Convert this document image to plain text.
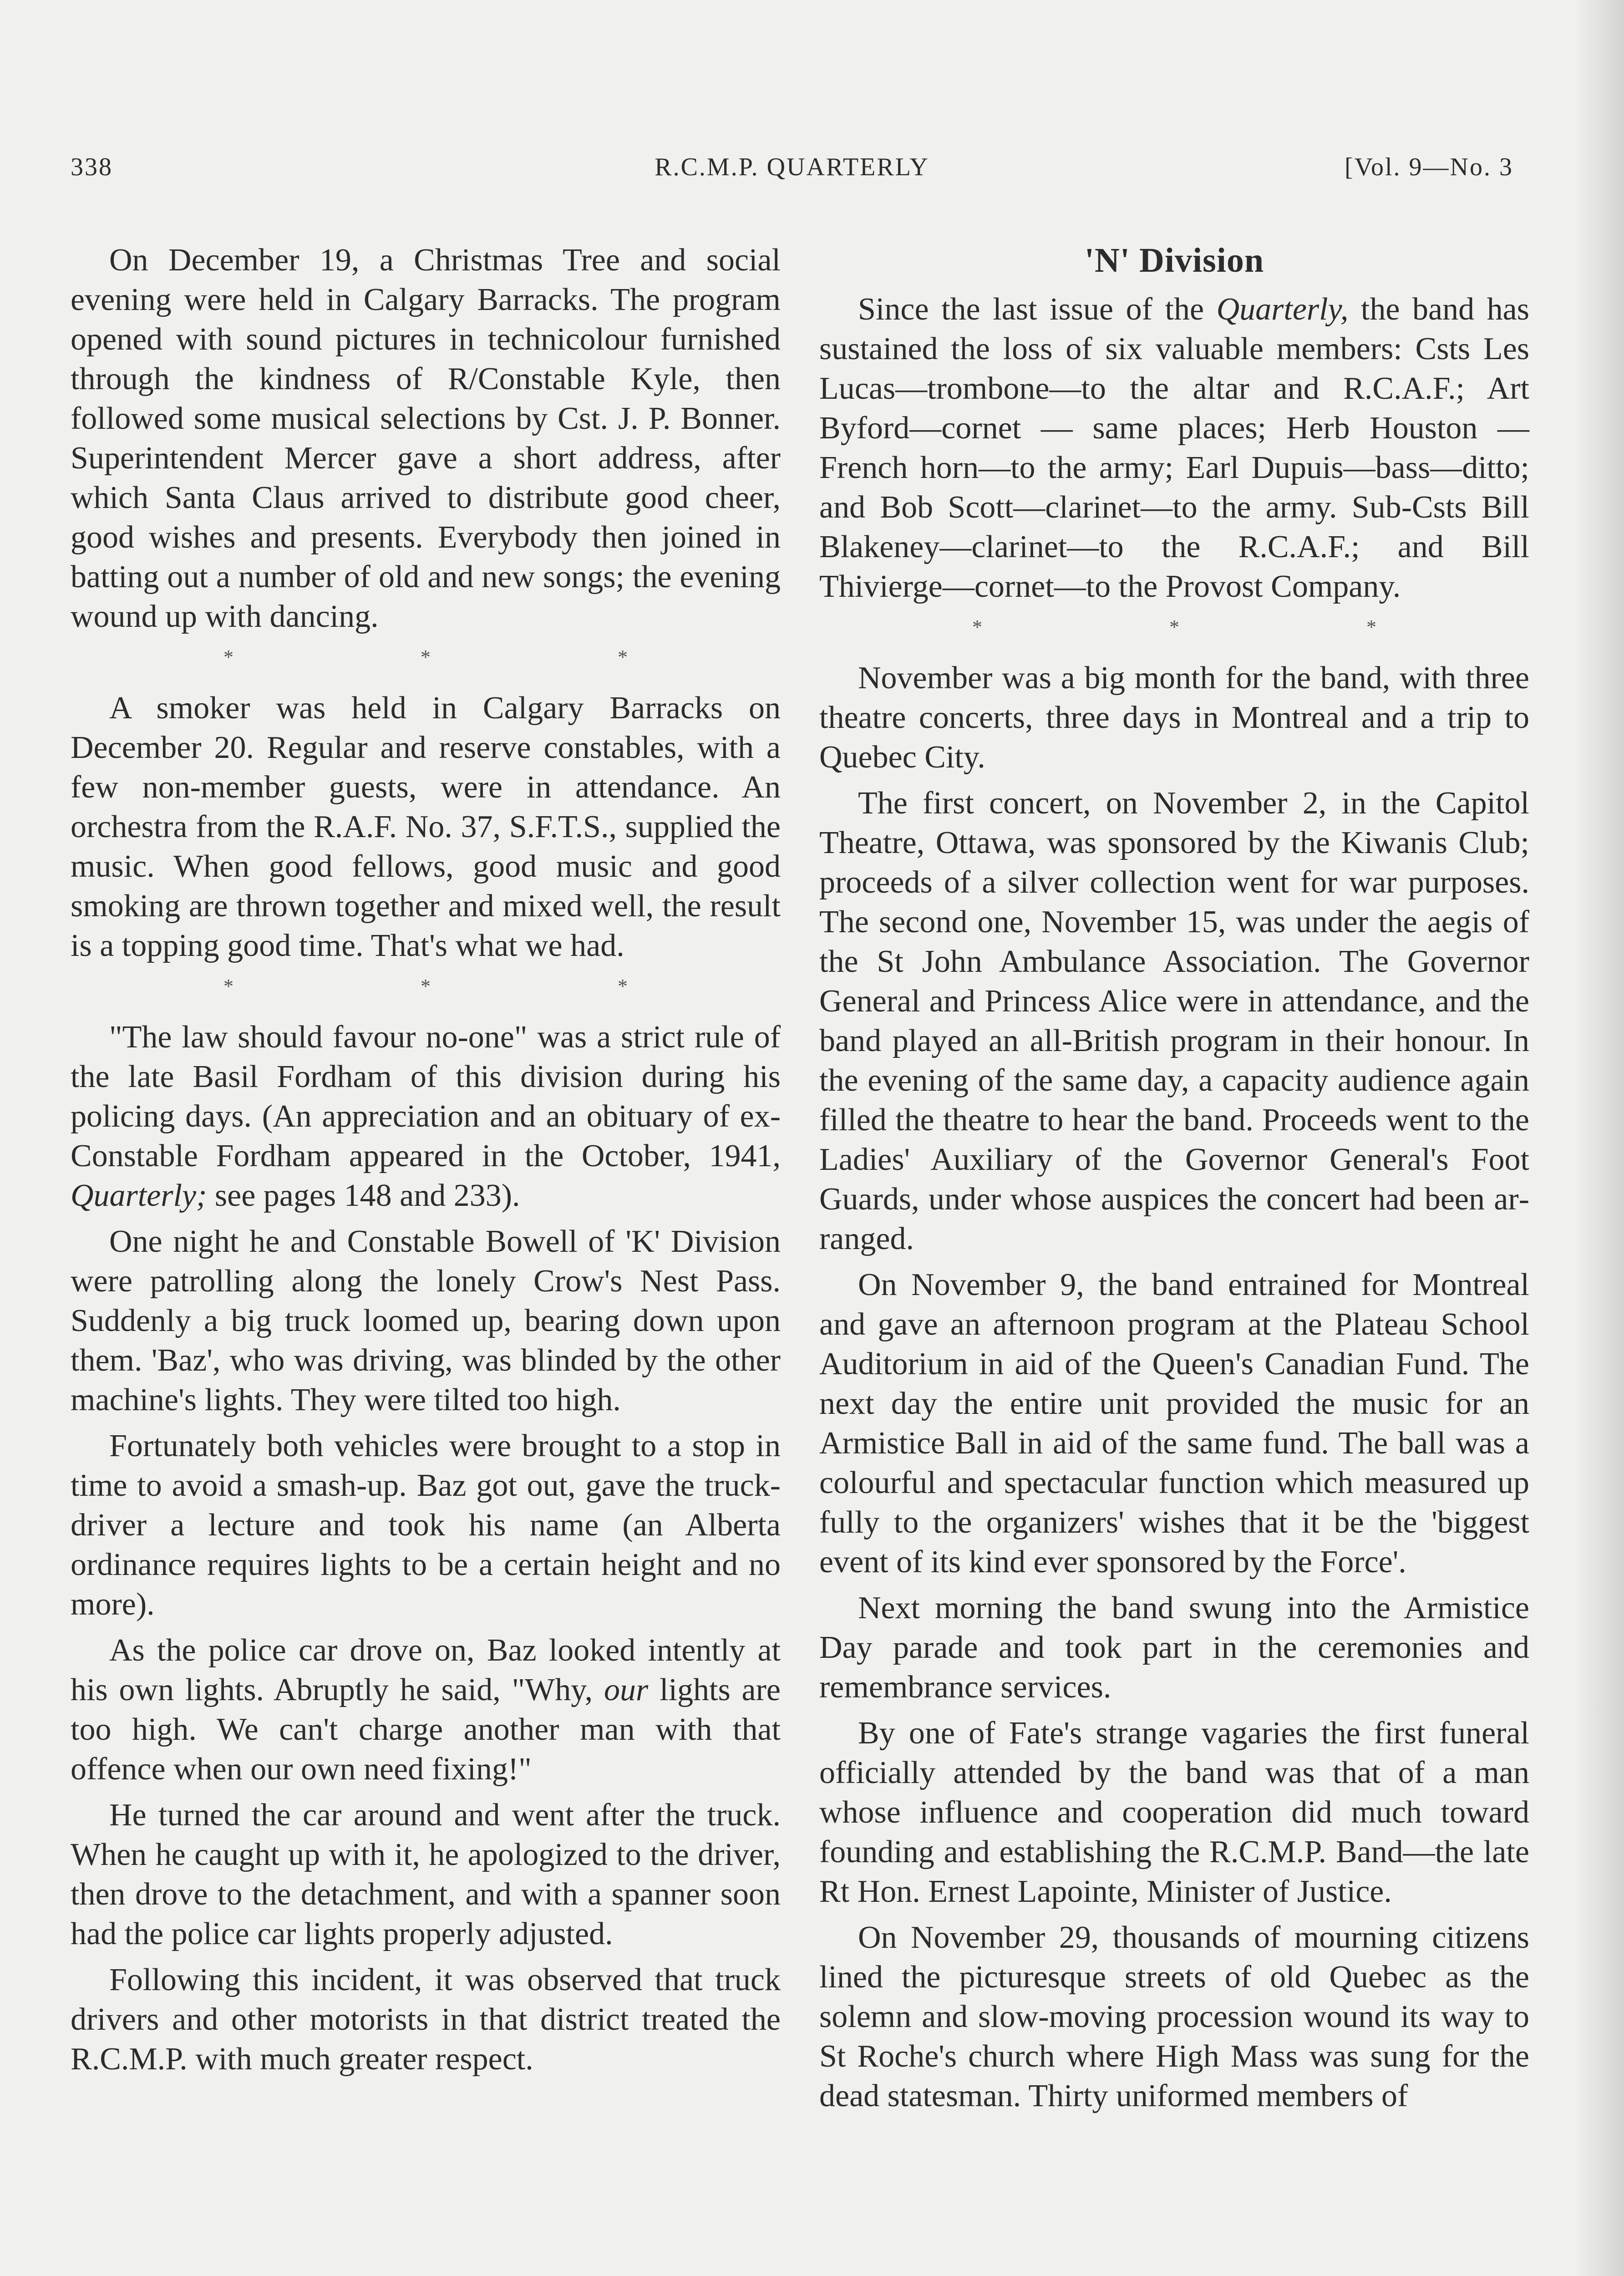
338	R.C.M.P. QUARTERLY	[Vol. 9—No. 3

On December 19, a Christmas Tree and social evening were held in Calgary Barracks. The program opened with sound pictures in technicolour furnished through the kindness of R/Constable Kyle, then followed some musical selections by Cst. J. P. Bonner. Superintendent Mercer gave a short address, after which Santa Claus arrived to distribute good cheer, good wishes and presents. Everybody then joined in batting out a number of old and new songs; the evening wound up with dancing.

* * *

A smoker was held in Calgary Barracks on December 20. Regular and reserve constables, with a few non-member guests, were in attendance. An orchestra from the R.A.F. No. 37, S.F.T.S., supplied the music. When good fellows, good music and good smoking are thrown together and mixed well, the result is a topping good time. That's what we had.

* * *

"The law should favour no-one" was a strict rule of the late Basil Fordham of this division during his policing days. (An appreciation and an obituary of ex-Constable Fordham appeared in the October, 1941, Quarterly; see pages 148 and 233).

One night he and Constable Bowell of 'K' Division were patrolling along the lonely Crow's Nest Pass. Suddenly a big truck loomed up, bearing down upon them. 'Baz', who was driving, was blinded by the other machine's lights. They were tilted too high.

Fortunately both vehicles were brought to a stop in time to avoid a smash-up. Baz got out, gave the truck-driver a lecture and took his name (an Alberta ordinance requires lights to be a certain height and no more).

As the police car drove on, Baz looked intently at his own lights. Abruptly he said, "Why, our lights are too high. We can't charge another man with that offence when our own need fixing!"

He turned the car around and went after the truck. When he caught up with it, he apologized to the driver, then drove to the detachment, and with a spanner soon had the police car lights properly adjusted.

Following this incident, it was observed that truck drivers and other motorists in that district treated the R.C.M.P. with much greater respect.

'N' Division

Since the last issue of the Quarterly, the band has sustained the loss of six valuable members: Csts Les Lucas—trombone—to the altar and R.C.A.F.; Art Byford—cornet — same places; Herb Houston — French horn—to the army; Earl Dupuis—bass—ditto; and Bob Scott—clarinet—to the army. Sub-Csts Bill Blakeney—clarinet—to the R.C.A.F.; and Bill Thivierge—cornet—to the Provost Company.

* * *

November was a big month for the band, with three theatre concerts, three days in Montreal and a trip to Quebec City.

The first concert, on November 2, in the Capitol Theatre, Ottawa, was sponsored by the Kiwanis Club; proceeds of a silver collection went for war purposes. The second one, November 15, was under the aegis of the St John Ambulance Association. The Governor General and Princess Alice were in attendance, and the band played an all-British program in their honour. In the evening of the same day, a capacity audience again filled the theatre to hear the band. Proceeds went to the Ladies' Auxiliary of the Governor General's Foot Guards, under whose auspices the concert had been arranged.

On November 9, the band entrained for Montreal and gave an afternoon program at the Plateau School Auditorium in aid of the Queen's Canadian Fund. The next day the entire unit provided the music for an Armistice Ball in aid of the same fund. The ball was a colourful and spectacular function which measured up fully to the organizers' wishes that it be the 'biggest event of its kind ever sponsored by the Force'.

Next morning the band swung into the Armistice Day parade and took part in the ceremonies and remembrance services.

By one of Fate's strange vagaries the first funeral officially attended by the band was that of a man whose influence and cooperation did much toward founding and establishing the R.C.M.P. Band—the late Rt Hon. Ernest Lapointe, Minister of Justice.

On November 29, thousands of mourning citizens lined the picturesque streets of old Quebec as the solemn and slow-moving procession wound its way to St Roche's church where High Mass was sung for the dead statesman. Thirty uniformed members of
